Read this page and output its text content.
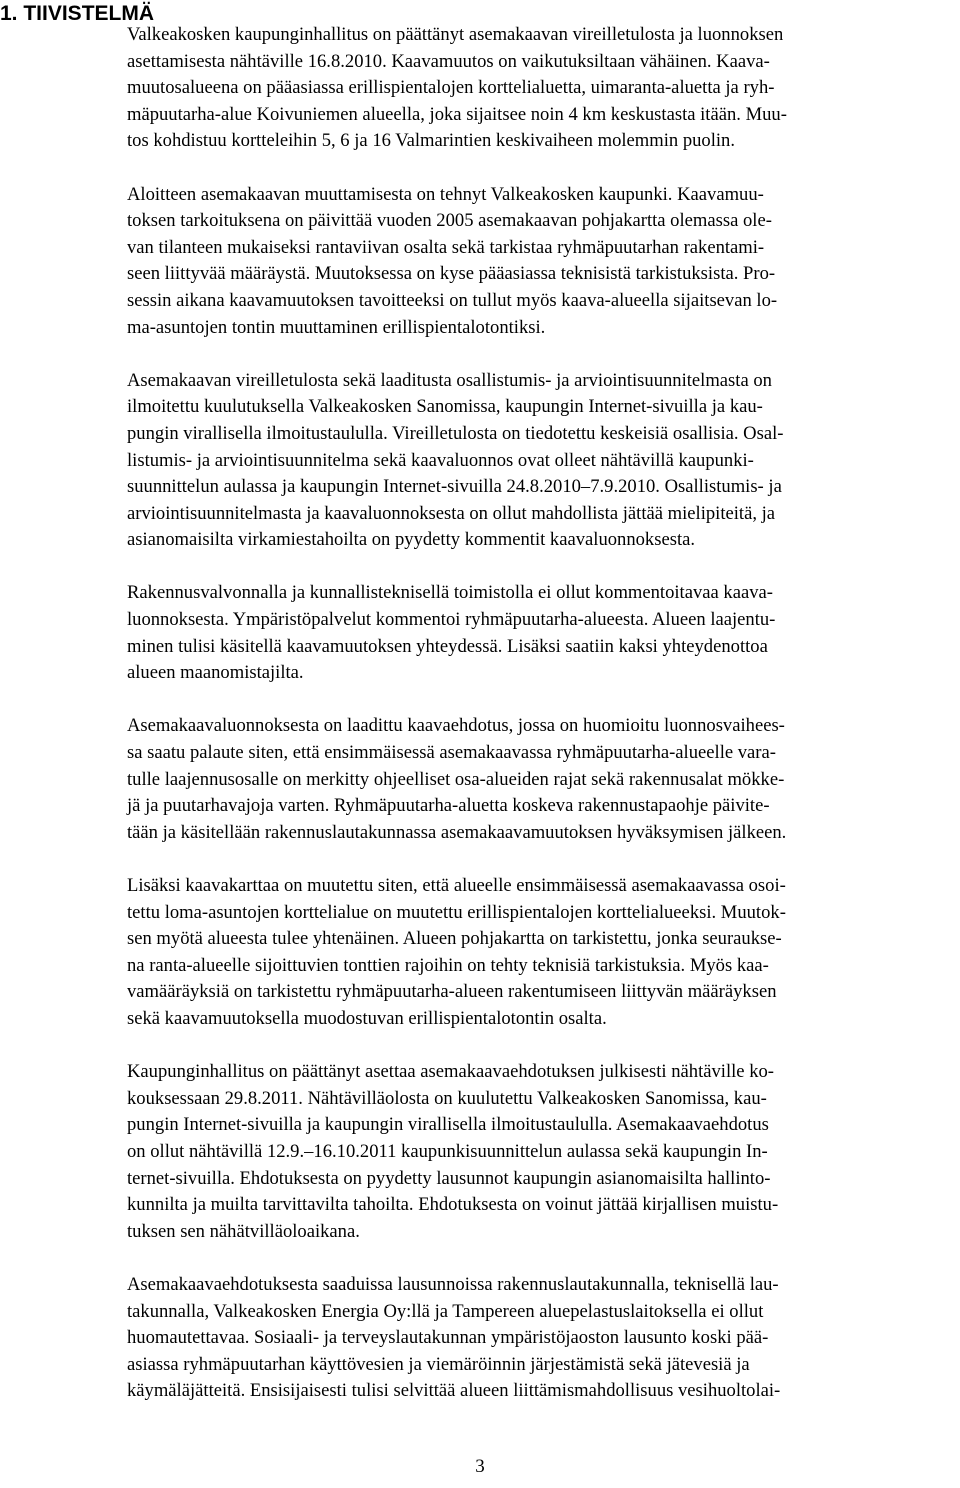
1. TIIVISTELMÄ

Valkeakosken kaupunginhallitus on päättänyt asemakaavan vireilletulosta ja luonnoksen
asettamisesta nähtäville 16.8.2010. Kaavamuutos on vaikutuksiltaan vähäinen. Kaava-
muutosalueena on pääasiassa erillispientalojen korttelialuetta, uimaranta-aluetta ja ryh-
mäpuutarha-alue Koivuniemen alueella, joka sijaitsee noin 4 km keskustasta itään. Muu-
tos kohdistuu kortteleihin 5, 6 ja 16 Valmarintien keskivaiheen molemmin puolin.

Aloitteen asemakaavan muuttamisesta on tehnyt Valkeakosken kaupunki. Kaavamuu-
toksen tarkoituksena on päivittää vuoden 2005 asemakaavan pohjakartta olemassa ole-
van tilanteen mukaiseksi rantaviivan osalta sekä tarkistaa ryhmäpuutarhan rakentami-
seen liittyvää määräystä. Muutoksessa on kyse pääasiassa teknisistä tarkistuksista. Pro-
sessin aikana kaavamuutoksen tavoitteeksi on tullut myös kaava-alueella sijaitsevan lo-
ma-asuntojen tontin muuttaminen erillispientalotontiksi.

Asemakaavan vireilletulosta sekä laaditusta osallistumis- ja arviointisuunnitelmasta on
ilmoitettu kuulutuksella Valkeakosken Sanomissa, kaupungin Internet-sivuilla ja kau-
pungin virallisella ilmoitustaululla. Vireilletulosta on tiedotettu keskeisiä osallisia. Osal-
listumis- ja arviointisuunnitelma sekä kaavaluonnos ovat olleet nähtävillä kaupunki-
suunnittelun aulassa ja kaupungin Internet-sivuilla 24.8.2010–7.9.2010. Osallistumis- ja
arviointisuunnitelmasta ja kaavaluonnoksesta on ollut mahdollista jättää mielipiteitä, ja
asianomaisilta virkamiestahoilta on pyydetty kommentit kaavaluonnoksesta.

Rakennusvalvonnalla ja kunnallisteknisellä toimistolla ei ollut kommentoitavaa kaava-
luonnoksesta. Ympäristöpalvelut kommentoi ryhmäpuutarha-alueesta. Alueen laajentu-
minen tulisi käsitellä kaavamuutoksen yhteydessä. Lisäksi saatiin kaksi yhteydenottoa
alueen maanomistajilta.

Asemakaavaluonnoksesta on laadittu kaavaehdotus, jossa on huomioitu luonnosvaihees-
sa saatu palaute siten, että ensimmäisessä asemakaavassa ryhmäpuutarha-alueelle vara-
tulle laajennusosalle on merkitty ohjeelliset osa-alueiden rajat sekä rakennusalat mökke-
jä ja puutarhavajoja varten. Ryhmäpuutarha-aluetta koskeva rakennustapaohje päivite-
tään ja käsitellään rakennuslautakunnassa asemakaavamuutoksen hyväksymisen jälkeen.

Lisäksi kaavakarttaa on muutettu siten, että alueelle ensimmäisessä asemakaavassa osoi-
tettu loma-asuntojen korttelialue on muutettu erillispientalojen korttelialueeksi. Muutok-
sen myötä alueesta tulee yhtenäinen. Alueen pohjakartta on tarkistettu, jonka seuraukse-
na ranta-alueelle sijoittuvien tonttien rajoihin on tehty teknisiä tarkistuksia. Myös kaa-
vamääräyksiä on tarkistettu ryhmäpuutarha-alueen rakentumiseen liittyvän määräyksen
sekä kaavamuutoksella muodostuvan erillispientalotontin osalta.

Kaupunginhallitus on päättänyt asettaa asemakaavaehdotuksen julkisesti nähtäville ko-
kouksessaan 29.8.2011. Nähtävilläolosta on kuulutettu Valkeakosken Sanomissa, kau-
pungin Internet-sivuilla ja kaupungin virallisella ilmoitustaululla. Asemakaavaehdotus
on ollut nähtävillä 12.9.–16.10.2011 kaupunkisuunnittelun aulassa sekä kaupungin In-
ternet-sivuilla. Ehdotuksesta on pyydetty lausunnot kaupungin asianomaisilta hallinto-
kunnilta ja muilta tarvittavilta tahoilta. Ehdotuksesta on voinut jättää kirjallisen muistu-
tuksen sen nähätvilläoloaikana.

Asemakaavaehdotuksesta saaduissa lausunnoissa rakennuslautakunnalla, teknisellä lau-
takunnalla, Valkeakosken Energia Oy:llä ja Tampereen aluepelastuslaitoksella ei ollut
huomautettavaa. Sosiaali- ja terveyslautakunnan ympäristöjaoston lausunto koski pää-
asiassa ryhmäpuutarhan käyttövesien ja viemäröinnin järjestämistä sekä jätevesiä ja
käymäläjätteitä. Ensisijaisesti tulisi selvittää alueen liittämismahdollisuus vesihuoltolai-

3
